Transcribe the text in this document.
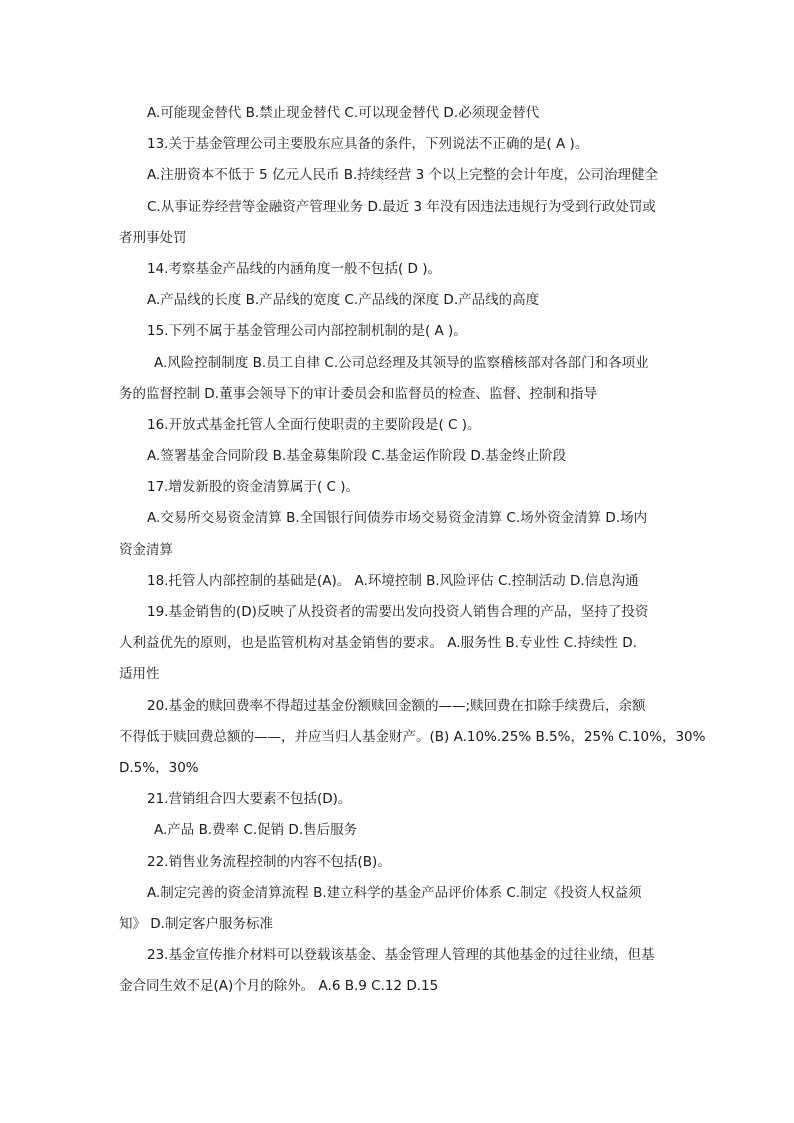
A.可能现金替代 B.禁止现金替代 C.可以现金替代 D.必须现金替代
13.关于基金管理公司主要股东应具备的条件，下列说法不正确的是( A )。
A.注册资本不低于 5 亿元人民币 B.持续经营 3 个以上完整的会计年度，公司治理健全
C.从事证券经营等金融资产管理业务 D.最近 3 年没有因违法违规行为受到行政处罚或
者刑事处罚
14.考察基金产品线的内涵角度一般不包括( D )。
A.产品线的长度 B.产品线的宽度 C.产品线的深度 D.产品线的高度
15.下列不属于基金管理公司内部控制机制的是( A )。
A.风险控制制度 B.员工自律 C.公司总经理及其领导的监察稽核部对各部门和各项业
务的监督控制 D.董事会领导下的审计委员会和监督员的检查、监督、控制和指导
16.开放式基金托管人全面行使职责的主要阶段是( C )。
A.签署基金合同阶段 B.基金募集阶段 C.基金运作阶段 D.基金终止阶段
17.增发新股的资金清算属于( C )。
A.交易所交易资金清算 B.全国银行间债券市场交易资金清算 C.场外资金清算 D.场内
资金清算
18.托管人内部控制的基础是(A)。 A.环境控制 B.风险评估 C.控制活动 D.信息沟通
19.基金销售的(D)反映了从投资者的需要出发向投资人销售合理的产品，坚持了投资
人利益优先的原则，也是监管机构对基金销售的要求。 A.服务性 B.专业性 C.持续性 D.
适用性
20.基金的赎回费率不得超过基金份额赎回金额的——;赎回费在扣除手续费后，余额
不得低于赎回费总额的——，并应当归人基金财产。(B) A.10%.25% B.5%，25% C.10%，30%
D.5%，30%
21.营销组合四大要素不包括(D)。
A.产品 B.费率 C.促销 D.售后服务
22.销售业务流程控制的内容不包括(B)。
A.制定完善的资金清算流程 B.建立科学的基金产品评价体系 C.制定《投资人权益须
知》 D.制定客户服务标准
23.基金宣传推介材料可以登载该基金、基金管理人管理的其他基金的过往业绩，但基
金合同生效不足(A)个月的除外。 A.6 B.9 C.12 D.15
